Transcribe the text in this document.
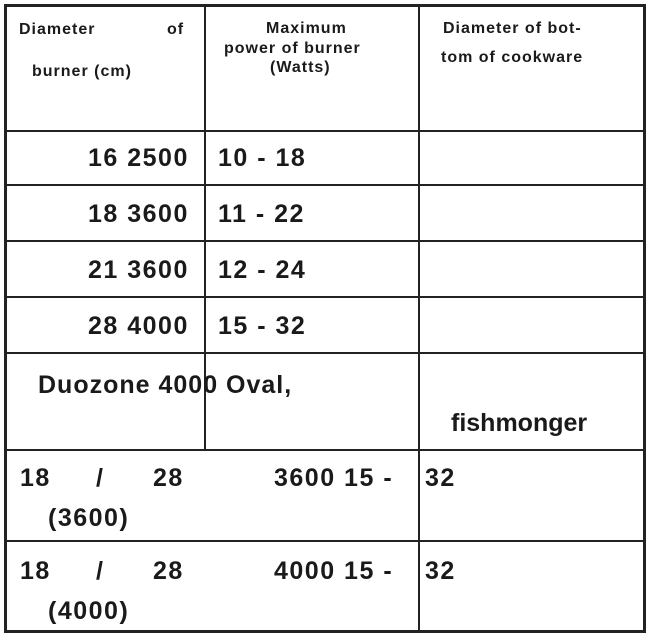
Diameter	of
burner (cm)
Maximum
power of burner
(Watts)
Diameter of bot-
tom of cookware
16 2500 10 - 18
18 3600 11 - 22
21 3600 12 - 24
28 4000 15 - 32
Duozone 4000 Oval,
fishmonger
18 / 28
(3600)
3600 15 - 32
18 / 28
(4000)
4000 15 - 32
